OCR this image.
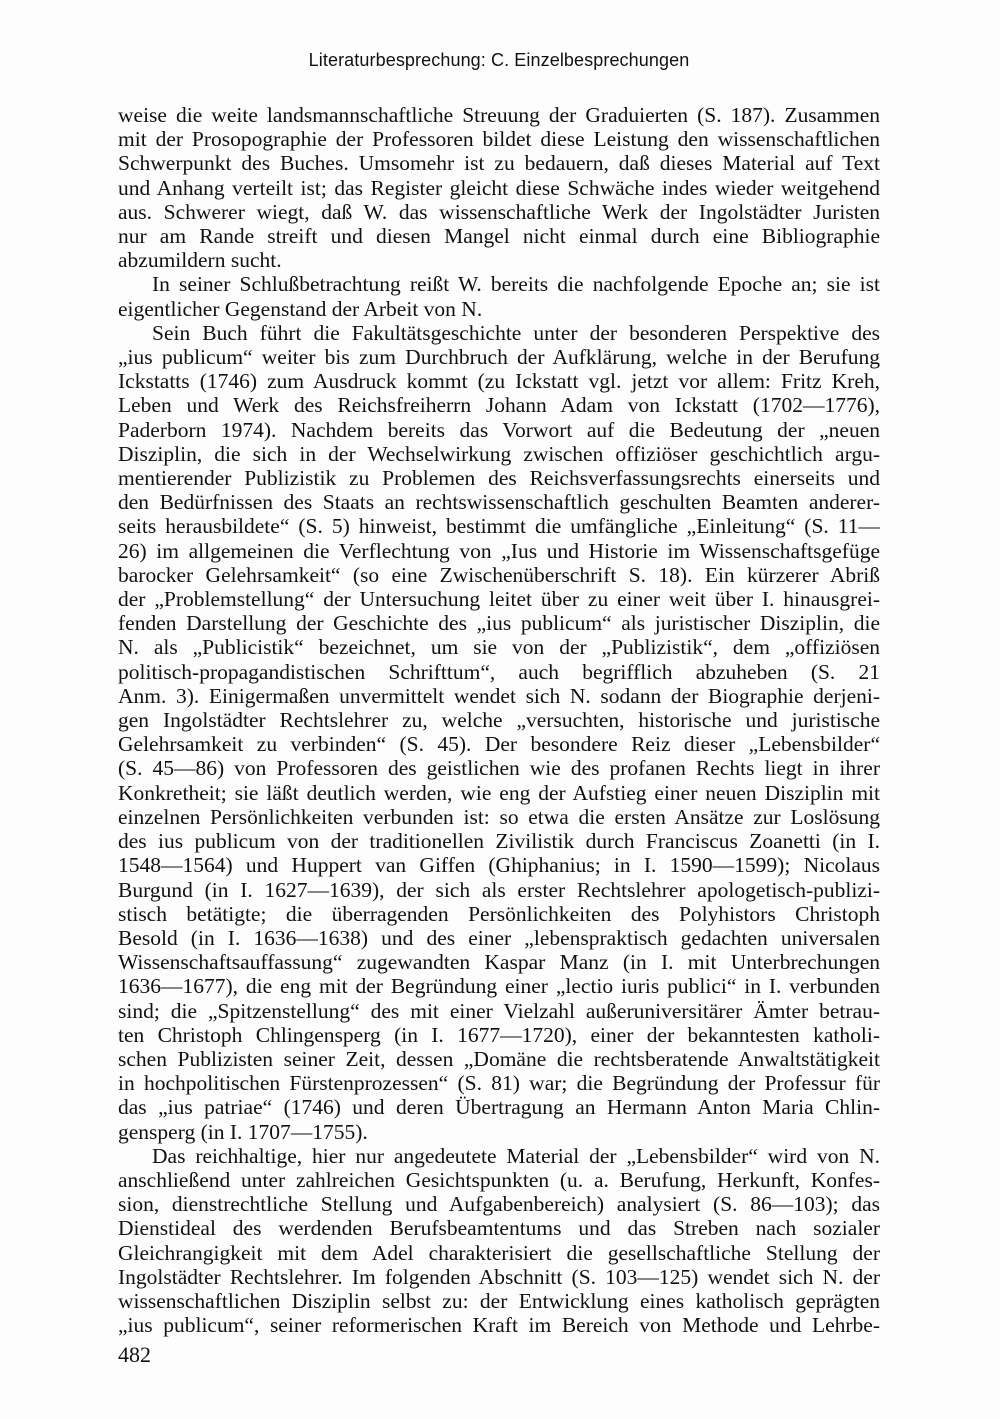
Literaturbesprechung: C. Einzelbesprechungen
weise die weite landsmannschaftliche Streuung der Graduierten (S. 187). Zusammen
mit der Prosopographie der Professoren bildet diese Leistung den wissenschaftlichen
Schwerpunkt des Buches. Umsomehr ist zu bedauern, daß dieses Material auf Text
und Anhang verteilt ist; das Register gleicht diese Schwäche indes wieder weitgehend
aus. Schwerer wiegt, daß W. das wissenschaftliche Werk der Ingolstädter Juristen
nur am Rande streift und diesen Mangel nicht einmal durch eine Bibliographie
abzumildern sucht.
In seiner Schlußbetrachtung reißt W. bereits die nachfolgende Epoche an; sie ist
eigentlicher Gegenstand der Arbeit von N.
Sein Buch führt die Fakultätsgeschichte unter der besonderen Perspektive des
„ius publicum“ weiter bis zum Durchbruch der Aufklärung, welche in der Berufung
Ickstatts (1746) zum Ausdruck kommt (zu Ickstatt vgl. jetzt vor allem: Fritz Kreh,
Leben und Werk des Reichsfreiherrn Johann Adam von Ickstatt (1702—1776),
Paderborn 1974). Nachdem bereits das Vorwort auf die Bedeutung der „neuen
Disziplin, die sich in der Wechselwirkung zwischen offiziöser geschichtlich argu-
mentierender Publizistik zu Problemen des Reichsverfassungsrechts einerseits und
den Bedürfnissen des Staats an rechtswissenschaftlich geschulten Beamten anderer-
seits herausbildete“ (S. 5) hinweist, bestimmt die umfängliche „Einleitung“ (S. 11—
26) im allgemeinen die Verflechtung von „Ius und Historie im Wissenschaftsgefüge
barocker Gelehrsamkeit“ (so eine Zwischenüberschrift S. 18). Ein kürzerer Abriß
der „Problemstellung“ der Untersuchung leitet über zu einer weit über I. hinausgrei-
fenden Darstellung der Geschichte des „ius publicum“ als juristischer Disziplin, die
N. als „Publicistik“ bezeichnet, um sie von der „Publizistik“, dem „offiziösen
politisch-propagandistischen Schrifttum“, auch begrifflich abzuheben (S. 21
Anm. 3). Einigermaßen unvermittelt wendet sich N. sodann der Biographie derjeni-
gen Ingolstädter Rechtslehrer zu, welche „versuchten, historische und juristische
Gelehrsamkeit zu verbinden“ (S. 45). Der besondere Reiz dieser „Lebensbilder“
(S. 45—86) von Professoren des geistlichen wie des profanen Rechts liegt in ihrer
Konkretheit; sie läßt deutlich werden, wie eng der Aufstieg einer neuen Disziplin mit
einzelnen Persönlichkeiten verbunden ist: so etwa die ersten Ansätze zur Loslösung
des ius publicum von der traditionellen Zivilistik durch Franciscus Zoanetti (in I.
1548—1564) und Huppert van Giffen (Ghiphanius; in I. 1590—1599); Nicolaus
Burgund (in I. 1627—1639), der sich als erster Rechtslehrer apologetisch-publizi-
stisch betätigte; die überragenden Persönlichkeiten des Polyhistors Christoph
Besold (in I. 1636—1638) und des einer „lebenspraktisch gedachten universalen
Wissenschaftsauffassung“ zugewandten Kaspar Manz (in I. mit Unterbrechungen
1636—1677), die eng mit der Begründung einer „lectio iuris publici“ in I. verbunden
sind; die „Spitzenstellung“ des mit einer Vielzahl außeruniversitärer Ämter betrau-
ten Christoph Chlingensperg (in I. 1677—1720), einer der bekanntesten katholi-
schen Publizisten seiner Zeit, dessen „Domäne die rechtsberatende Anwaltstätigkeit
in hochpolitischen Fürstenprozessen“ (S. 81) war; die Begründung der Professur für
das „ius patriae“ (1746) und deren Übertragung an Hermann Anton Maria Chlin-
gensperg (in I. 1707—1755).
Das reichhaltige, hier nur angedeutete Material der „Lebensbilder“ wird von N.
anschließend unter zahlreichen Gesichtspunkten (u. a. Berufung, Herkunft, Konfes-
sion, dienstrechtliche Stellung und Aufgabenbereich) analysiert (S. 86—103); das
Dienstideal des werdenden Berufsbeamtentums und das Streben nach sozialer
Gleichrangigkeit mit dem Adel charakterisiert die gesellschaftliche Stellung der
Ingolstädter Rechtslehrer. Im folgenden Abschnitt (S. 103—125) wendet sich N. der
wissenschaftlichen Disziplin selbst zu: der Entwicklung eines katholisch geprägten
„ius publicum“, seiner reformerischen Kraft im Bereich von Methode und Lehrbe-
482
